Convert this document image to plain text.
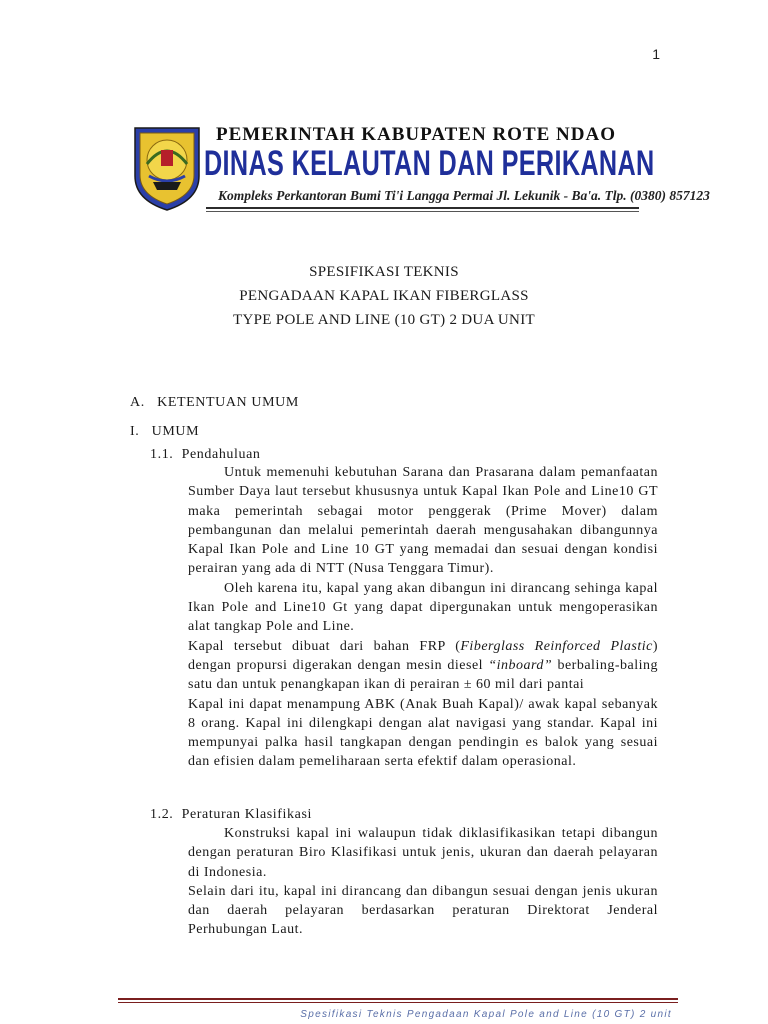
1
PEMERINTAH KABUPATEN ROTE NDAO
DINAS KELAUTAN DAN PERIKANAN
Kompleks Perkantoran Bumi Ti'i Langga Permai Jl. Lekunik - Ba'a. Tlp. (0380) 857123
SPESIFIKASI TEKNIS
PENGADAAN KAPAL IKAN FIBERGLASS
TYPE POLE AND LINE (10 GT) 2 DUA UNIT
A.   KETENTUAN UMUM
I.   UMUM
1.1.  Pendahuluan

Untuk memenuhi kebutuhan Sarana dan Prasarana dalam pemanfaatan Sumber Daya laut tersebut khususnya untuk Kapal Ikan Pole and Line10 GT maka pemerintah sebagai motor penggerak (Prime Mover) dalam pembangunan dan melalui pemerintah daerah mengusahakan dibangunnya Kapal Ikan Pole and Line 10 GT yang memadai dan sesuai dengan kondisi perairan yang ada di NTT (Nusa Tenggara Timur).

Oleh karena itu, kapal yang akan dibangun ini dirancang sehinga kapal Ikan Pole and Line10 Gt yang dapat dipergunakan untuk mengoperasikan alat tangkap Pole and Line.

Kapal tersebut dibuat dari bahan FRP (Fiberglass Reinforced Plastic) dengan propursi digerakan dengan mesin diesel “inboard” berbaling-baling satu dan untuk penangkapan ikan di perairan ± 60 mil dari pantai

Kapal ini dapat menampung ABK (Anak Buah Kapal)/ awak kapal sebanyak 8 orang. Kapal ini dilengkapi dengan alat navigasi yang standar. Kapal ini mempunyai palka hasil tangkapan dengan pendingin es balok yang sesuai dan efisien dalam pemeliharaan serta efektif dalam operasional.

1.2.  Peraturan Klasifikasi

Konstruksi kapal ini walaupun tidak diklasifikasikan tetapi dibangun dengan peraturan Biro Klasifikasi untuk jenis, ukuran dan daerah pelayaran di Indonesia.

Selain dari itu, kapal ini dirancang dan dibangun sesuai dengan jenis ukuran dan daerah pelayaran berdasarkan peraturan Direktorat Jenderal Perhubungan Laut.

Spesifikasi Teknis Pengadaan Kapal Pole and Line (10 GT) 2 unit
